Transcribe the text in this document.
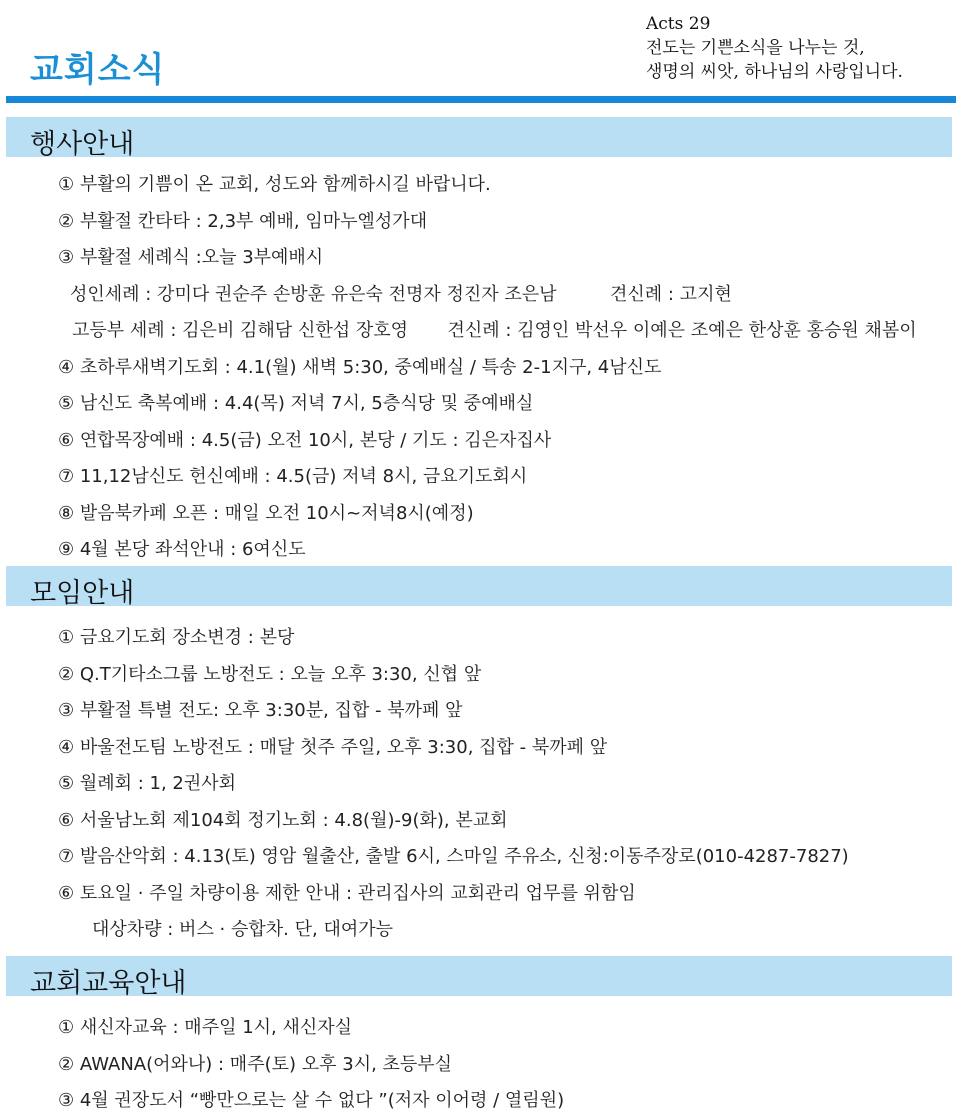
교회소식
Acts 29
전도는 기쁜소식을 나누는 것,
생명의 씨앗, 하나님의 사랑입니다.
행사안내
① 부활의 기쁨이 온 교회, 성도와 함께하시길 바랍니다.
② 부활절 칸타타 : 2,3부 예배, 임마누엘성가대
③ 부활절 세례식 :오늘 3부예배시
성인세례 : 강미다 권순주 손방훈 유은숙 전명자 정진자 조은남	견신례 : 고지현
고등부 세례 : 김은비 김해담 신한섭 장호영 견신례 : 김영인 박선우 이예은 조예은 한상훈 홍승원 채봄이
④ 초하루새벽기도회 : 4.1(월) 새벽 5:30, 중예배실 / 특송 2-1지구, 4남신도
⑤ 남신도 축복예배 : 4.4(목) 저녁 7시, 5층식당 및 중예배실
⑥ 연합목장예배 : 4.5(금) 오전 10시, 본당 / 기도 : 김은자집사
⑦ 11,12남신도 헌신예배 : 4.5(금) 저녁 8시, 금요기도회시
⑧ 발음북카페 오픈 : 매일 오전 10시~저녁8시(예정)
⑨ 4월 본당 좌석안내 : 6여신도
모임안내
① 금요기도회 장소변경 : 본당
② Q.T기타소그룹 노방전도 : 오늘 오후 3:30, 신협 앞
③ 부활절 특별 전도: 오후 3:30분, 집합 - 북까페 앞
④ 바울전도팀 노방전도 : 매달 첫주 주일, 오후 3:30, 집합 - 북까페 앞
⑤ 월례회 : 1, 2권사회
⑥ 서울남노회 제104회 정기노회 : 4.8(월)-9(화), 본교회
⑦ 발음산악회 : 4.13(토) 영암 월출산, 출발 6시, 스마일 주유소, 신청:이동주장로(010-4287-7827)
⑥ 토요일 · 주일 차량이용 제한 안내 : 관리집사의 교회관리 업무를 위함임
대상차량 : 버스 · 승합차. 단, 대여가능
교회교육안내
① 새신자교육 : 매주일 1시, 새신자실
② AWANA(어와나) : 매주(토) 오후 3시, 초등부실
③ 4월 권장도서 “빵만으로는 살 수 없다 ”(저자 이어령 / 열림원)
